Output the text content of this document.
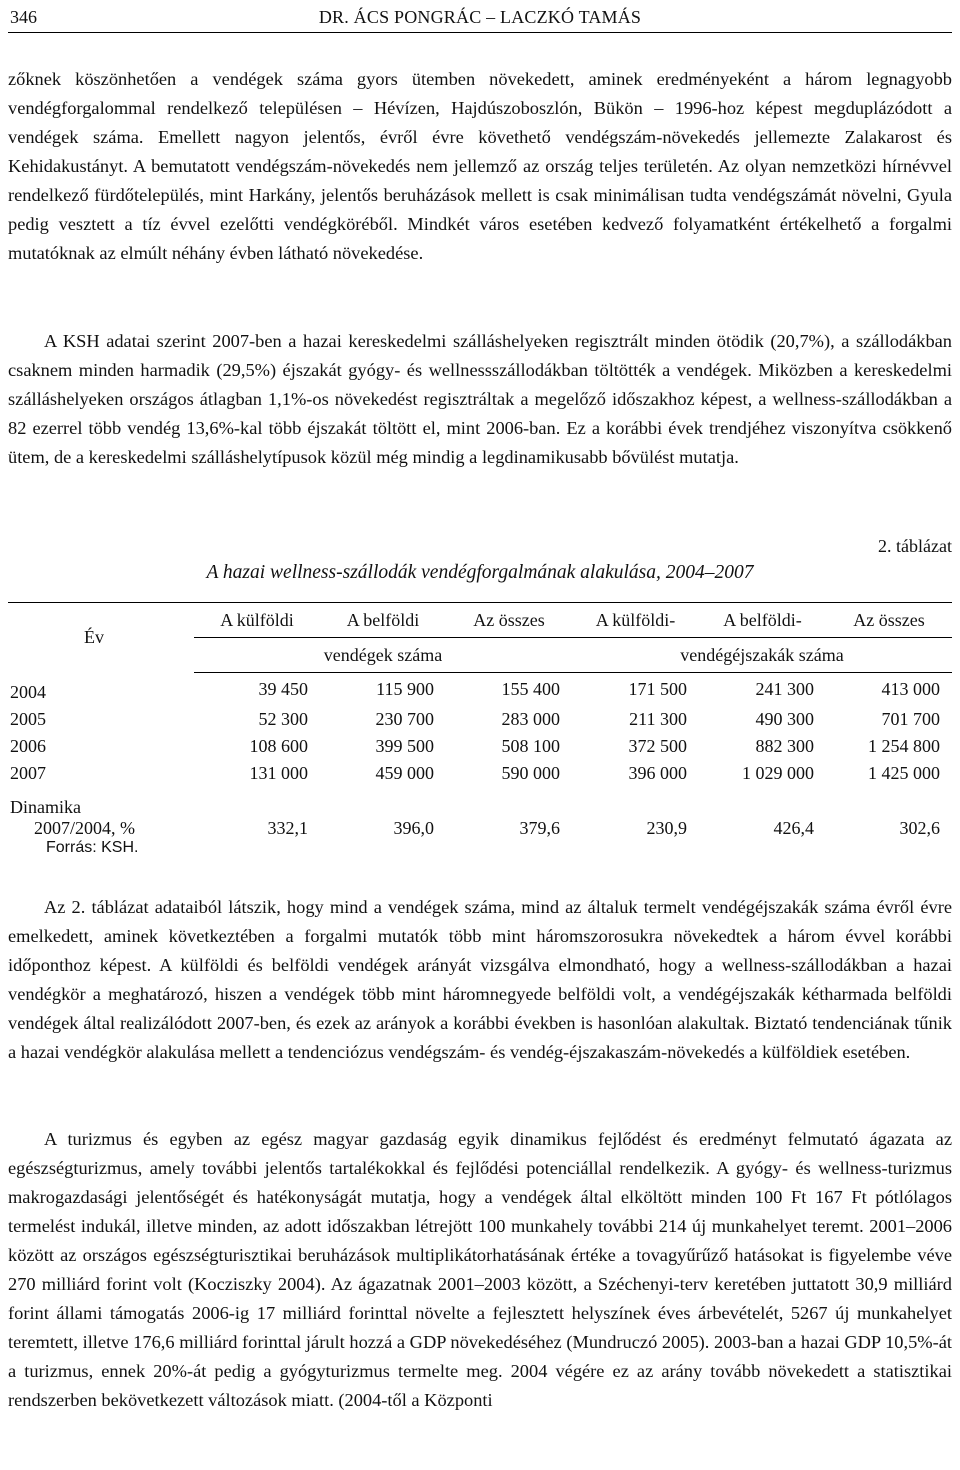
346	DR. ÁCS PONGRÁC – LACZKÓ TAMÁS

zőknek köszönhetően a vendégek száma gyors ütemben növekedett, aminek eredményeként a három legnagyobb vendégforgalommal rendelkező településen – Hévízen, Hajdúszoboszlón, Bükön – 1996-hoz képest megduplázódott a vendégek száma. Emellett nagyon jelentős, évről évre követhető vendégszám-növekedés jellemezte Zalakarost és Kehidakustányt. A bemutatott vendégszám-növekedés nem jellemző az ország teljes területén. Az olyan nemzetközi hírnévvel rendelkező fürdőtelepülés, mint Harkány, jelentős beruházások mellett is csak minimálisan tudta vendégszámát növelni, Gyula pedig vesztett a tíz évvel ezelőtti vendégköréből. Mindkét város esetében kedvező folyamatként értékelhető a forgalmi mutatóknak az elmúlt néhány évben látható növekedése.

A KSH adatai szerint 2007-ben a hazai kereskedelmi szálláshelyeken regisztrált minden ötödik (20,7%), a szállodákban csaknem minden harmadik (29,5%) éjszakát gyógy- és wellnessszállodákban töltötték a vendégek. Miközben a kereskedelmi szálláshelyeken országos átlagban 1,1%-os növekedést regisztráltak a megelőző időszakhoz képest, a wellness-szállodákban a 82 ezerrel több vendég 13,6%-kal több éjszakát töltött el, mint 2006-ban. Ez a korábbi évek trendjéhez viszonyítva csökkenő ütem, de a kereskedelmi szálláshelytípusok közül még mindig a legdinamikusabb bővülést mutatja.

2. táblázat
A hazai wellness-szállodák vendégforgalmának alakulása, 2004–2007
Év	A külföldi	A belföldi	Az összes	A külföldi-	A belföldi-	Az összes
	vendégek száma			vendégéjszakák száma		
2004	39 450	115 900	155 400	171 500	241 300	413 000
2005	52 300	230 700	283 000	211 300	490 300	701 700
2006	108 600	399 500	508 100	372 500	882 300	1 254 800
2007	131 000	459 000	590 000	396 000	1 029 000	1 425 000
Dinamika						
2007/2004, %	332,1	396,0	379,6	230,9	426,4	302,6
Forrás: KSH.

Az 2. táblázat adataiból látszik, hogy mind a vendégek száma, mind az általuk termelt vendégéjszakák száma évről évre emelkedett, aminek következtében a forgalmi mutatók több mint háromszorosukra növekedtek a három évvel korábbi időponthoz képest. A külföldi és belföldi vendégek arányát vizsgálva elmondható, hogy a wellness-szállodákban a hazai vendégkör a meghatározó, hiszen a vendégek több mint háromnegyede belföldi volt, a vendégéjszakák kétharmada belföldi vendégek által realizálódott 2007-ben, és ezek az arányok a korábbi években is hasonlóan alakultak. Biztató tendenciának tűnik a hazai vendégkör alakulása mellett a tendenciózus vendégszám- és vendég-éjszakaszám-növekedés a külföldiek esetében.

A turizmus és egyben az egész magyar gazdaság egyik dinamikus fejlődést és eredményt felmutató ágazata az egészségturizmus, amely további jelentős tartalékokkal és fejlődési potenciállal rendelkezik. A gyógy- és wellness-turizmus makrogazdasági jelentőségét és hatékonyságát mutatja, hogy a vendégek által elköltött minden 100 Ft 167 Ft pótlólagos termelést indukál, illetve minden, az adott időszakban létrejött 100 munkahely további 214 új munkahelyet teremt. 2001–2006 között az országos egészségturisztikai beruházások multiplikátorhatásának értéke a tovagyűrűző hatásokat is figyelembe véve 270 milliárd forint volt (Kocziszky 2004). Az ágazatnak 2001–2003 között, a Széchenyi-terv keretében juttatott 30,9 milliárd forint állami támogatás 2006-ig 17 milliárd forinttal növelte a fejlesztett helyszínek éves árbevételét, 5267 új munkahelyet teremtett, illetve 176,6 milliárd forinttal járult hozzá a GDP növekedéséhez (Mundruczó 2005). 2003-ban a hazai GDP 10,5%-át a turizmus, ennek 20%-át pedig a gyógyturizmus termelte meg. 2004 végére ez az arány tovább növekedett a statisztikai rendszerben bekövetkezett változások miatt. (2004-től a Központi
